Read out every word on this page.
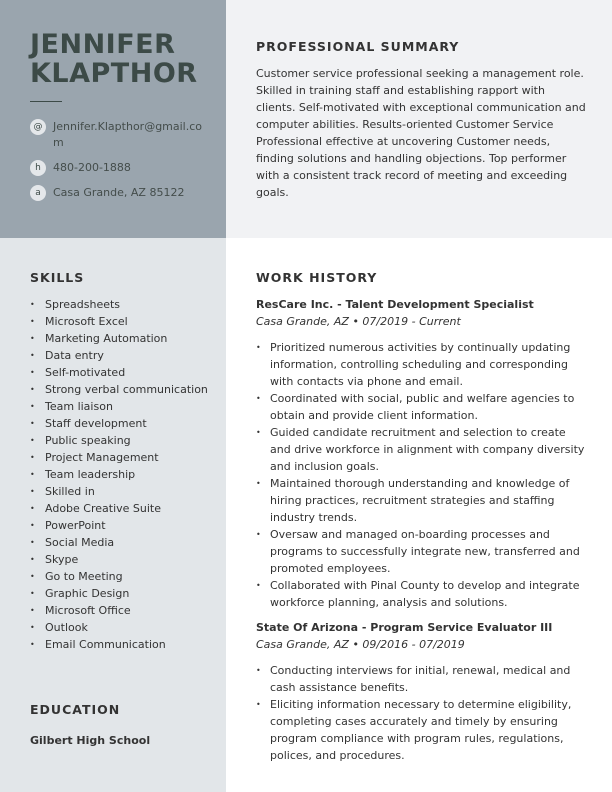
JENNIFER
KLAPTHOR
@ Jennifer.Klapthor@gmail.com
h	480-200-1888
a	Casa Grande, AZ 85122
PROFESSIONAL SUMMARY

Customer service professional seeking a management role. Skilled in training staff and establishing rapport with clients. Self-motivated with exceptional communication and computer abilities. Results-oriented Customer Service Professional effective at uncovering Customer needs, finding solutions and handling objections. Top performer with a consistent track record of meeting and exceeding goals.

SKILLS
• Spreadsheets
• Microsoft Excel
• Marketing Automation
• Data entry
• Self-motivated
• Strong verbal communication
• Team liaison
• Staff development
• Public speaking
• Project Management
• Team leadership
• Skilled in
• Adobe Creative Suite
• PowerPoint
• Social Media
• Skype
• Go to Meeting
• Graphic Design
• Microsoft Office
• Outlook
• Email Communication
EDUCATION

Gilbert High School

WORK HISTORY

ResCare Inc. - Talent Development Specialist

Casa Grande, AZ • 07/2019 - Current

• Prioritized numerous activities by continually updating information, controlling scheduling and corresponding with contacts via phone and email.
• Coordinated with social, public and welfare agencies to obtain and provide client information.
• Guided candidate recruitment and selection to create and drive workforce in alignment with company diversity and inclusion goals.
• Maintained thorough understanding and knowledge of hiring practices, recruitment strategies and staffing industry trends.
• Oversaw and managed on-boarding processes and programs to successfully integrate new, transferred and promoted employees.
• Collaborated with Pinal County to develop and integrate workforce planning, analysis and solutions.

State Of Arizona - Program Service Evaluator III

Casa Grande, AZ • 09/2016 - 07/2019

• Conducting interviews for initial, renewal, medical and cash assistance benefits.
• Eliciting information necessary to determine eligibility, completing cases accurately and timely by ensuring program compliance with program rules, regulations, polices, and procedures.
